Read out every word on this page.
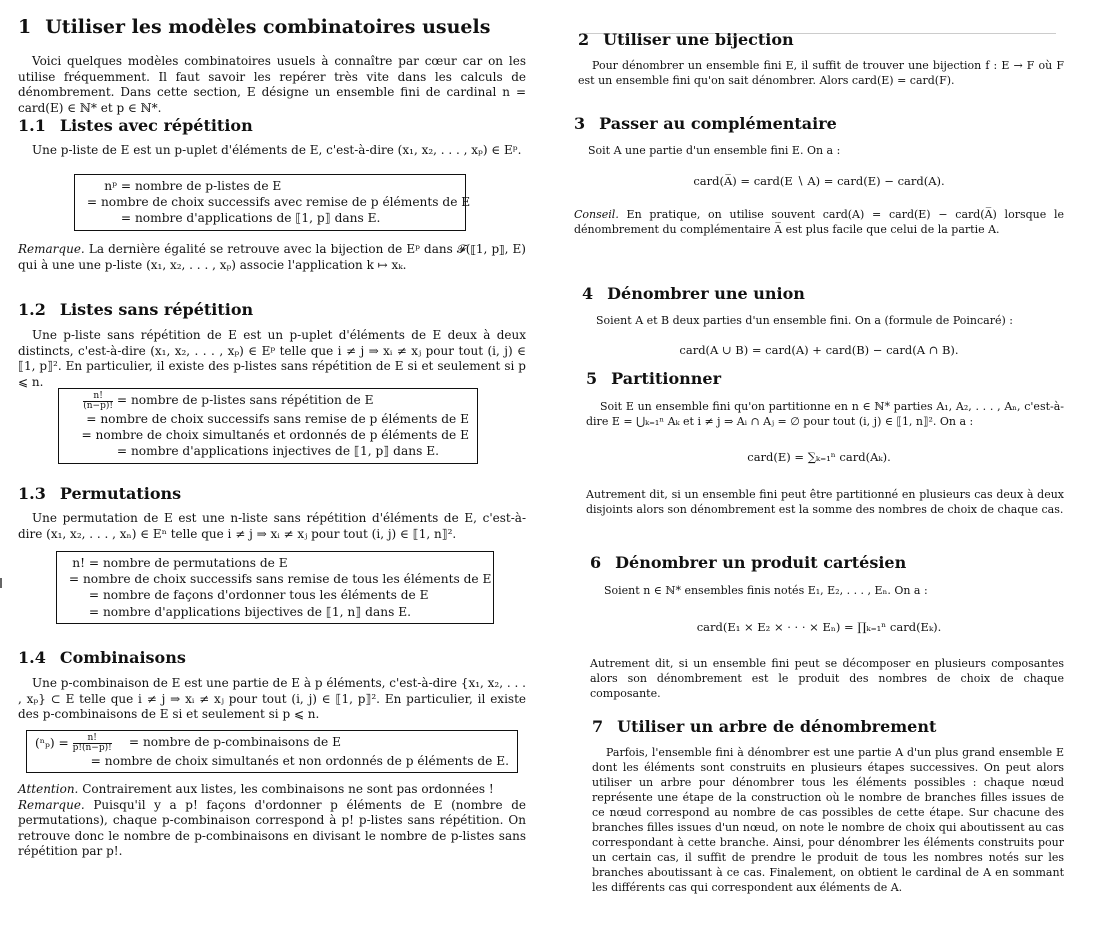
1 Utiliser les modèles combinatoires usuels

Voici quelques modèles combinatoires usuels à connaître par cœur car on les utilise fréquemment. Il faut savoir les repérer très vite dans les calculs de dénombrement. Dans cette section, E désigne un ensemble fini de cardinal n = card(E) ∈ ℕ* et p ∈ ℕ*.

1.1 Listes avec répétition

Une p-liste de E est un p-uplet d'éléments de E, c'est-à-dire (x₁, x₂, . . . , xₚ) ∈ Eᵖ.

nᵖ
= nombre de p-listes de E

= nombre de choix successifs avec remise de p éléments de E

= nombre d'applications de ⟦1, p⟧ dans E.

Remarque. La dernière égalité se retrouve avec la bijection de Eᵖ dans 𝓕(⟦1, p⟧, E) qui à une une p-liste (x₁, x₂, . . . , xₚ) associe l'application k ↦ xₖ.

1.2 Listes sans répétition

Une p-liste sans répétition de E est un p-uplet d'éléments de E deux à deux distincts, c'est-à-dire (x₁, x₂, . . . , xₚ) ∈ Eᵖ telle que i ≠ j ⇒ xᵢ ≠ xⱼ pour tout (i, j) ∈ ⟦1, p⟧². En particulier, il existe des p-listes sans répétition de E si et seulement si p ⩽ n.

$\frac{n!}{(n-p)!}$
= nombre de p-listes sans répétition de E

= nombre de choix successifs sans remise de p éléments de E

= nombre de choix simultanés et ordonnés de p éléments de E

= nombre d'applications injectives de ⟦1, p⟧ dans E.
1.3 Permutations

Une permutation de E est une n-liste sans répétition d'éléments de E, c'est-à-dire (x₁, x₂, . . . , xₙ) ∈ Eⁿ telle que i ≠ j ⇒ xᵢ ≠ xⱼ pour tout (i, j) ∈ ⟦1, n⟧².

n!
= nombre de permutations de E

= nombre de choix successifs sans remise de tous les éléments de E

= nombre de façons d'ordonner tous les éléments de E

= nombre d'applications bijectives de ⟦1, n⟧ dans E.
1.4 Combinaisons

Une p-combinaison de E est une partie de E à p éléments, c'est-à-dire {x₁, x₂, . . . , xₚ} ⊂ E telle que i ≠ j ⇒ xᵢ ≠ xⱼ pour tout (i, j) ∈ ⟦1, p⟧². En particulier, il existe des p-combinaisons de E si et seulement si p ⩽ n.

$(^n_p) = \frac{n!}{p!(n-p)!}$
= nombre de p-combinaisons de E

= nombre de choix simultanés et non ordonnés de p éléments de E.

Attention. Contrairement aux listes, les combinaisons ne sont pas ordonnées !

Remarque. Puisqu'il y a p! façons d'ordonner p éléments de E (nombre de permutations), chaque p-combinaison correspond à p! p-listes sans répétition. On retrouve donc le nombre de p-combinaisons en divisant le nombre de p-listes sans répétition par p!.

2 Utiliser une bijection

Pour dénombrer un ensemble fini E, il suffit de trouver une bijection f : E → F où F est un ensemble fini qu'on sait dénombrer. Alors card(E) = card(F).

3 Passer au complémentaire

Soit A une partie d'un ensemble fini E. On a :

card(A̅) = card(E ∖ A) = card(E) − card(A).

Conseil. En pratique, on utilise souvent card(A) = card(E) − card(A̅) lorsque le dénombrement du complémentaire A̅ est plus facile que celui de la partie A.

4 Dénombrer une union

Soient A et B deux parties d'un ensemble fini. On a (formule de Poincaré) :

card(A ∪ B) = card(A) + card(B) − card(A ∩ B).
5 Partitionner

Soit E un ensemble fini qu'on partitionne en n ∈ ℕ* parties A₁, A₂, . . . , Aₙ, c'est-à-dire E = ⋃ₖ₌₁ⁿ Aₖ et i ≠ j ⇒ Aᵢ ∩ Aⱼ = ∅ pour tout (i, j) ∈ ⟦1, n⟧². On a :

card(E) = ∑ₖ₌₁ⁿ card(Aₖ).

Autrement dit, si un ensemble fini peut être partitionné en plusieurs cas deux à deux disjoints alors son dénombrement est la somme des nombres de choix de chaque cas.

6 Dénombrer un produit cartésien

Soient n ∈ ℕ* ensembles finis notés E₁, E₂, . . . , Eₙ. On a :

card(E₁ × E₂ × · · · × Eₙ) = ∏ₖ₌₁ⁿ card(Eₖ).

Autrement dit, si un ensemble fini peut se décomposer en plusieurs composantes alors son dénombrement est le produit des nombres de choix de chaque composante.

7 Utiliser un arbre de dénombrement

Parfois, l'ensemble fini à dénombrer est une partie A d'un plus grand ensemble E dont les éléments sont construits en plusieurs étapes successives. On peut alors utiliser un arbre pour dénombrer tous les éléments possibles : chaque nœud représente une étape de la construction où le nombre de branches filles issues de ce nœud correspond au nombre de cas possibles de cette étape. Sur chacune des branches filles issues d'un nœud, on note le nombre de choix qui aboutissent au cas correspondant à cette branche. Ainsi, pour dénombrer les éléments construits pour un certain cas, il suffit de prendre le produit de tous les nombres notés sur les branches aboutissant à ce cas. Finalement, on obtient le cardinal de A en sommant les différents cas qui correspondent aux éléments de A.
